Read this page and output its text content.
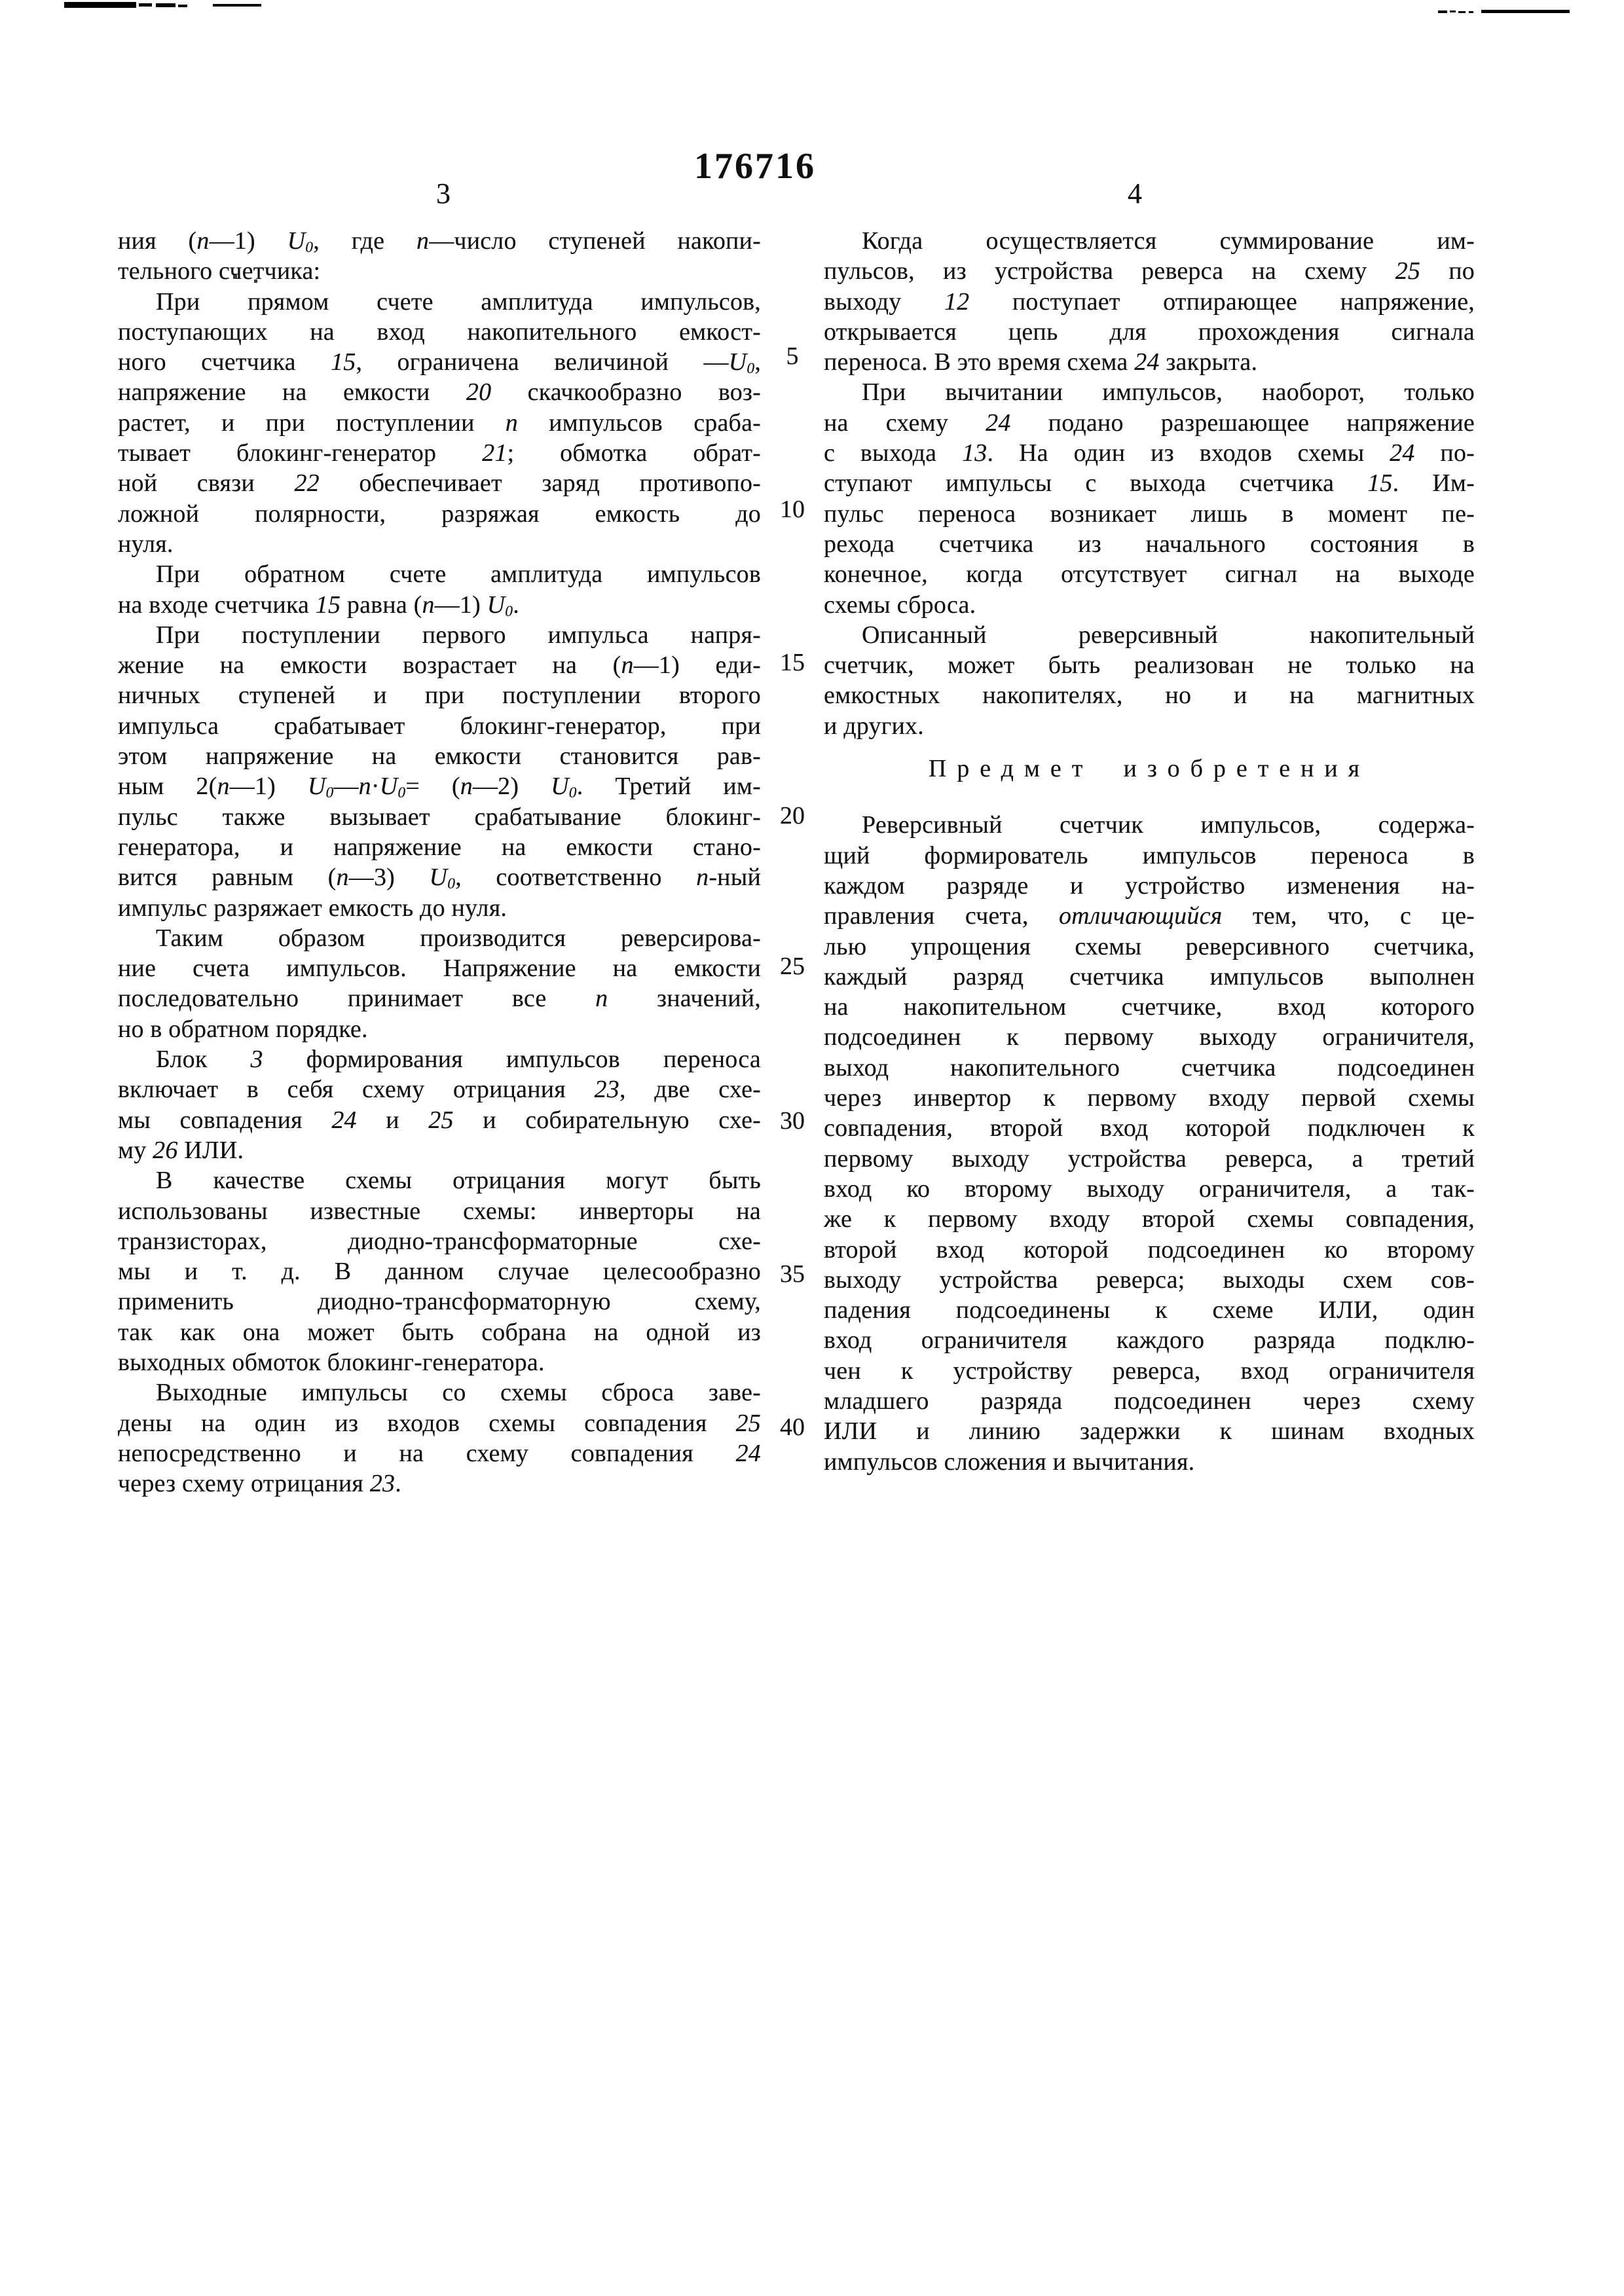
176716
3	4
5
10
15
20
25
30
35
40
ния (n—1) $U_0$, где n—число ступеней накопи-
тельного счетчика:
При прямом счете амплитуда импульсов,
поступающих на вход накопительного емкост-
ного счетчика 15, ограничена величиной $—U_0$,
напряжение на емкости 20 скачкообразно воз-
растет, и при поступлении n импульсов сраба-
тывает блокинг-генератор 21; обмотка обрат-
ной связи 22 обеспечивает заряд противопо-
ложной полярности, разряжая емкость до
нуля.
При обратном счете амплитуда импульсов
на входе счетчика 15 равна (n—1) $U_0$.
При поступлении первого импульса напря-
жение на емкости возрастает на (n—1) еди-
ничных ступеней и при поступлении второго
импульса срабатывает блокинг-генератор, при
этом напряжение на емкости становится рав-
ным 2(n—1) $U_0—n\cdot U_0=$ (n—2) $U_0$. Третий им-
пульс также вызывает срабатывание блокинг-
генератора, и напряжение на емкости стано-
вится равным (n—3) $U_0$, соответственно n-ный
импульс разряжает емкость до нуля.
Таким образом производится реверсирова-
ние счета импульсов. Напряжение на емкости
последовательно принимает все n значений,
но в обратном порядке.
Блок 3 формирования импульсов переноса
включает в себя схему отрицания 23, две схе-
мы совпадения 24 и 25 и собирательную схе-
му 26 ИЛИ.
В качестве схемы отрицания могут быть
использованы известные схемы: инверторы на
транзисторах, диодно-трансформаторные схе-
мы и т. д. В данном случае целесообразно
применить диодно-трансформаторную схему,
так как она может быть собрана на одной из
выходных обмоток блокинг-генератора.
Выходные импульсы со схемы сброса заве-
дены на один из входов схемы совпадения 25
непосредственно и на схему совпадения 24
через схему отрицания 23.
Когда осуществляется суммирование им-
пульсов, из устройства реверса на схему 25 по
выходу 12 поступает отпирающее напряжение,
открывается цепь для прохождения сигнала
переноса. В это время схема 24 закрыта.
При вычитании импульсов, наоборот, только
на схему 24 подано разрешающее напряжение
с выхода 13. На один из входов схемы 24 по-
ступают импульсы с выхода счетчика 15. Им-
пульс переноса возникает лишь в момент пе-
рехода счетчика из начального состояния в
конечное, когда отсутствует сигнал на выходе
схемы сброса.
Описанный реверсивный накопительный
счетчик, может быть реализован не только на
емкостных накопителях, но и на магнитных
и других.
Предмет изобретения
Реверсивный счетчик импульсов, содержа-
щий формирователь импульсов переноса в
каждом разряде и устройство изменения на-
правления счета, отличающийся тем, что, с це-
лью упрощения схемы реверсивного счетчика,
каждый разряд счетчика импульсов выполнен
на накопительном счетчике, вход которого
подсоединен к первому выходу ограничителя,
выход накопительного счетчика подсоединен
через инвертор к первому входу первой схемы
совпадения, второй вход которой подключен к
первому выходу устройства реверса, а третий
вход ко второму выходу ограничителя, а так-
же к первому входу второй схемы совпадения,
второй вход которой подсоединен ко второму
выходу устройства реверса; выходы схем сов-
падения подсоединены к схеме ИЛИ, один
вход ограничителя каждого разряда подклю-
чен к устройству реверса, вход ограничителя
младшего разряда подсоединен через схему
ИЛИ и линию задержки к шинам входных
импульсов сложения и вычитания.
